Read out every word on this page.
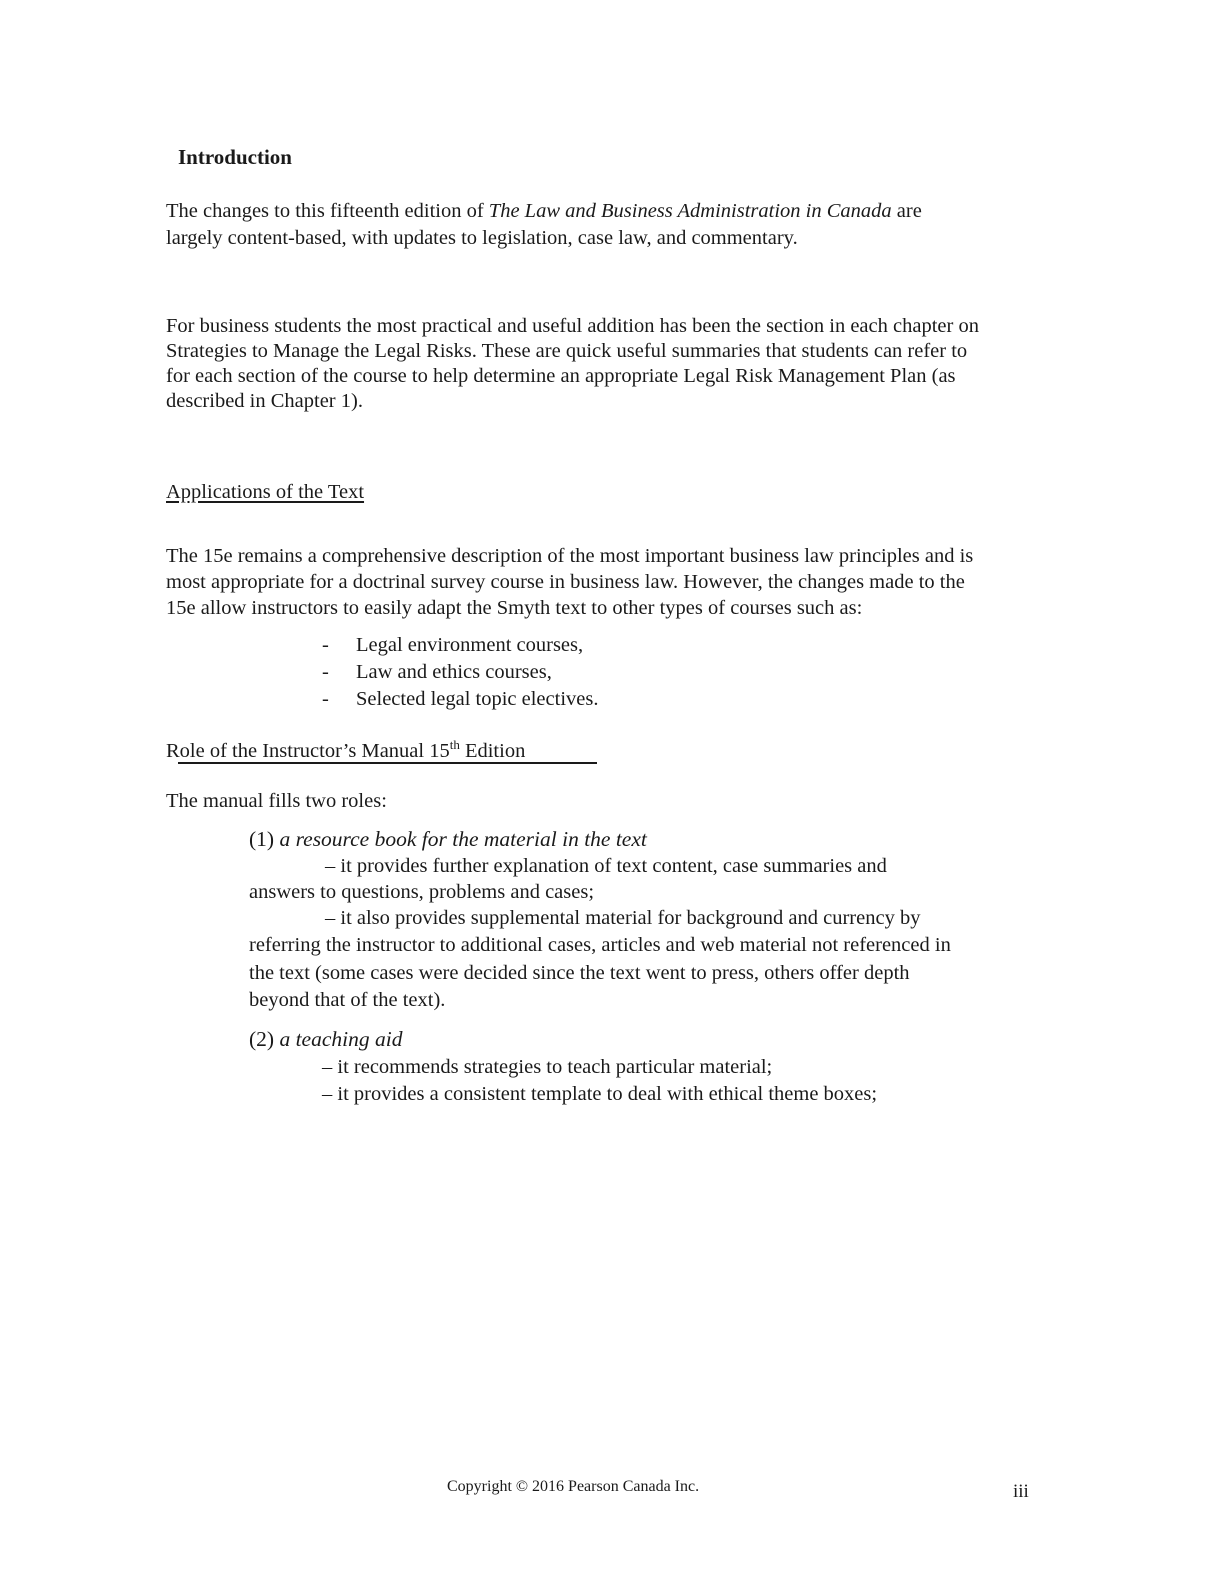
Introduction

The changes to this fifteenth edition of The Law and Business Administration in Canada are

largely content-based, with updates to legislation, case law, and commentary.

For business students the most practical and useful addition has been the section in each chapter on

Strategies to Manage the Legal Risks. These are quick useful summaries that students can refer to

for each section of the course to help determine an appropriate Legal Risk Management Plan (as

described in Chapter 1).

Applications of the Text

The 15e remains a comprehensive description of the most important business law principles and is

most appropriate for a doctrinal survey course in business law. However, the changes made to the

15e allow instructors to easily adapt the Smyth text to other types of courses such as:

- Legal environment courses,
- Law and ethics courses,
- Selected legal topic electives.
Role of the Instructor’s Manual 15th Edition

The manual fills two roles:

(1) a resource book for the material in the text

– it provides further explanation of text content, case summaries and

answers to questions, problems and cases;

– it also provides supplemental material for background and currency by

referring the instructor to additional cases, articles and web material not referenced in

the text (some cases were decided since the text went to press, others offer depth

beyond that of the text).

(2) a teaching aid

– it recommends strategies to teach particular material;

– it provides a consistent template to deal with ethical theme boxes;

Copyright © 2016 Pearson Canada Inc.	iii
